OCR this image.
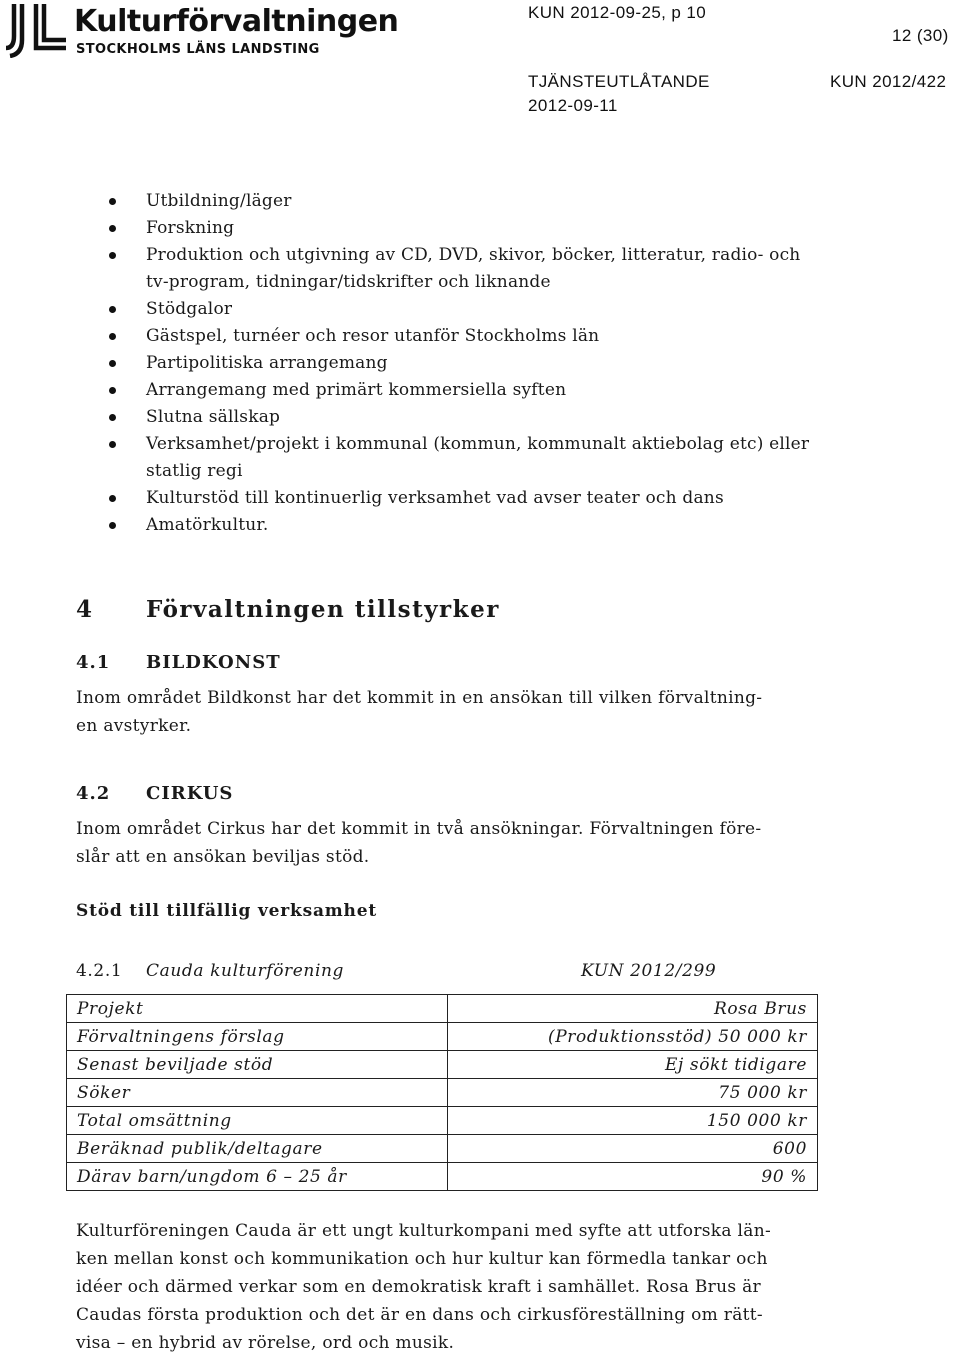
Kulturförvaltningen
STOCKHOLMS LÄNS LANDSTING
KUN 2012-09-25, p 10
12 (30)
TJÄNSTEUTLÅTANDE	KUN 2012/422
2012-09-11
Utbildning/läger
Forskning
Produktion och utgivning av CD, DVD, skivor, böcker, litteratur, radio- och tv-program, tidningar/tidskrifter och liknande
Stödgalor
Gästspel, turnéer och resor utanför Stockholms län
Partipolitiska arrangemang
Arrangemang med primärt kommersiella syften
Slutna sällskap
Verksamhet/projekt i kommunal (kommun, kommunalt aktiebolag etc) eller statlig regi
Kulturstöd till kontinuerlig verksamhet vad avser teater och dans
Amatörkultur.
4 Förvaltningen tillstyrker
4.1 BILDKONST
Inom området Bildkonst har det kommit in en ansökan till vilken förvaltning-
en avstyrker.
4.2 CIRKUS
Inom området Cirkus har det kommit in två ansökningar. Förvaltningen före-
slår att en ansökan beviljas stöd.
Stöd till tillfällig verksamhet
4.2.1 Cauda kulturförening	KUN 2012/299
Projekt	Rosa Brus
Förvaltningens förslag	(Produktionsstöd) 50 000 kr
Senast beviljade stöd	Ej sökt tidigare
Söker	75 000 kr
Total omsättning	150 000 kr
Beräknad publik/deltagare	600
Därav barn/ungdom 6 – 25 år	90 %
Kulturföreningen Cauda är ett ungt kulturkompani med syfte att utforska län-
ken mellan konst och kommunikation och hur kultur kan förmedla tankar och
idéer och därmed verkar som en demokratisk kraft i samhället. Rosa Brus är
Caudas första produktion och det är en dans och cirkusföreställning om rätt-
visa – en hybrid av rörelse, ord och musik.
